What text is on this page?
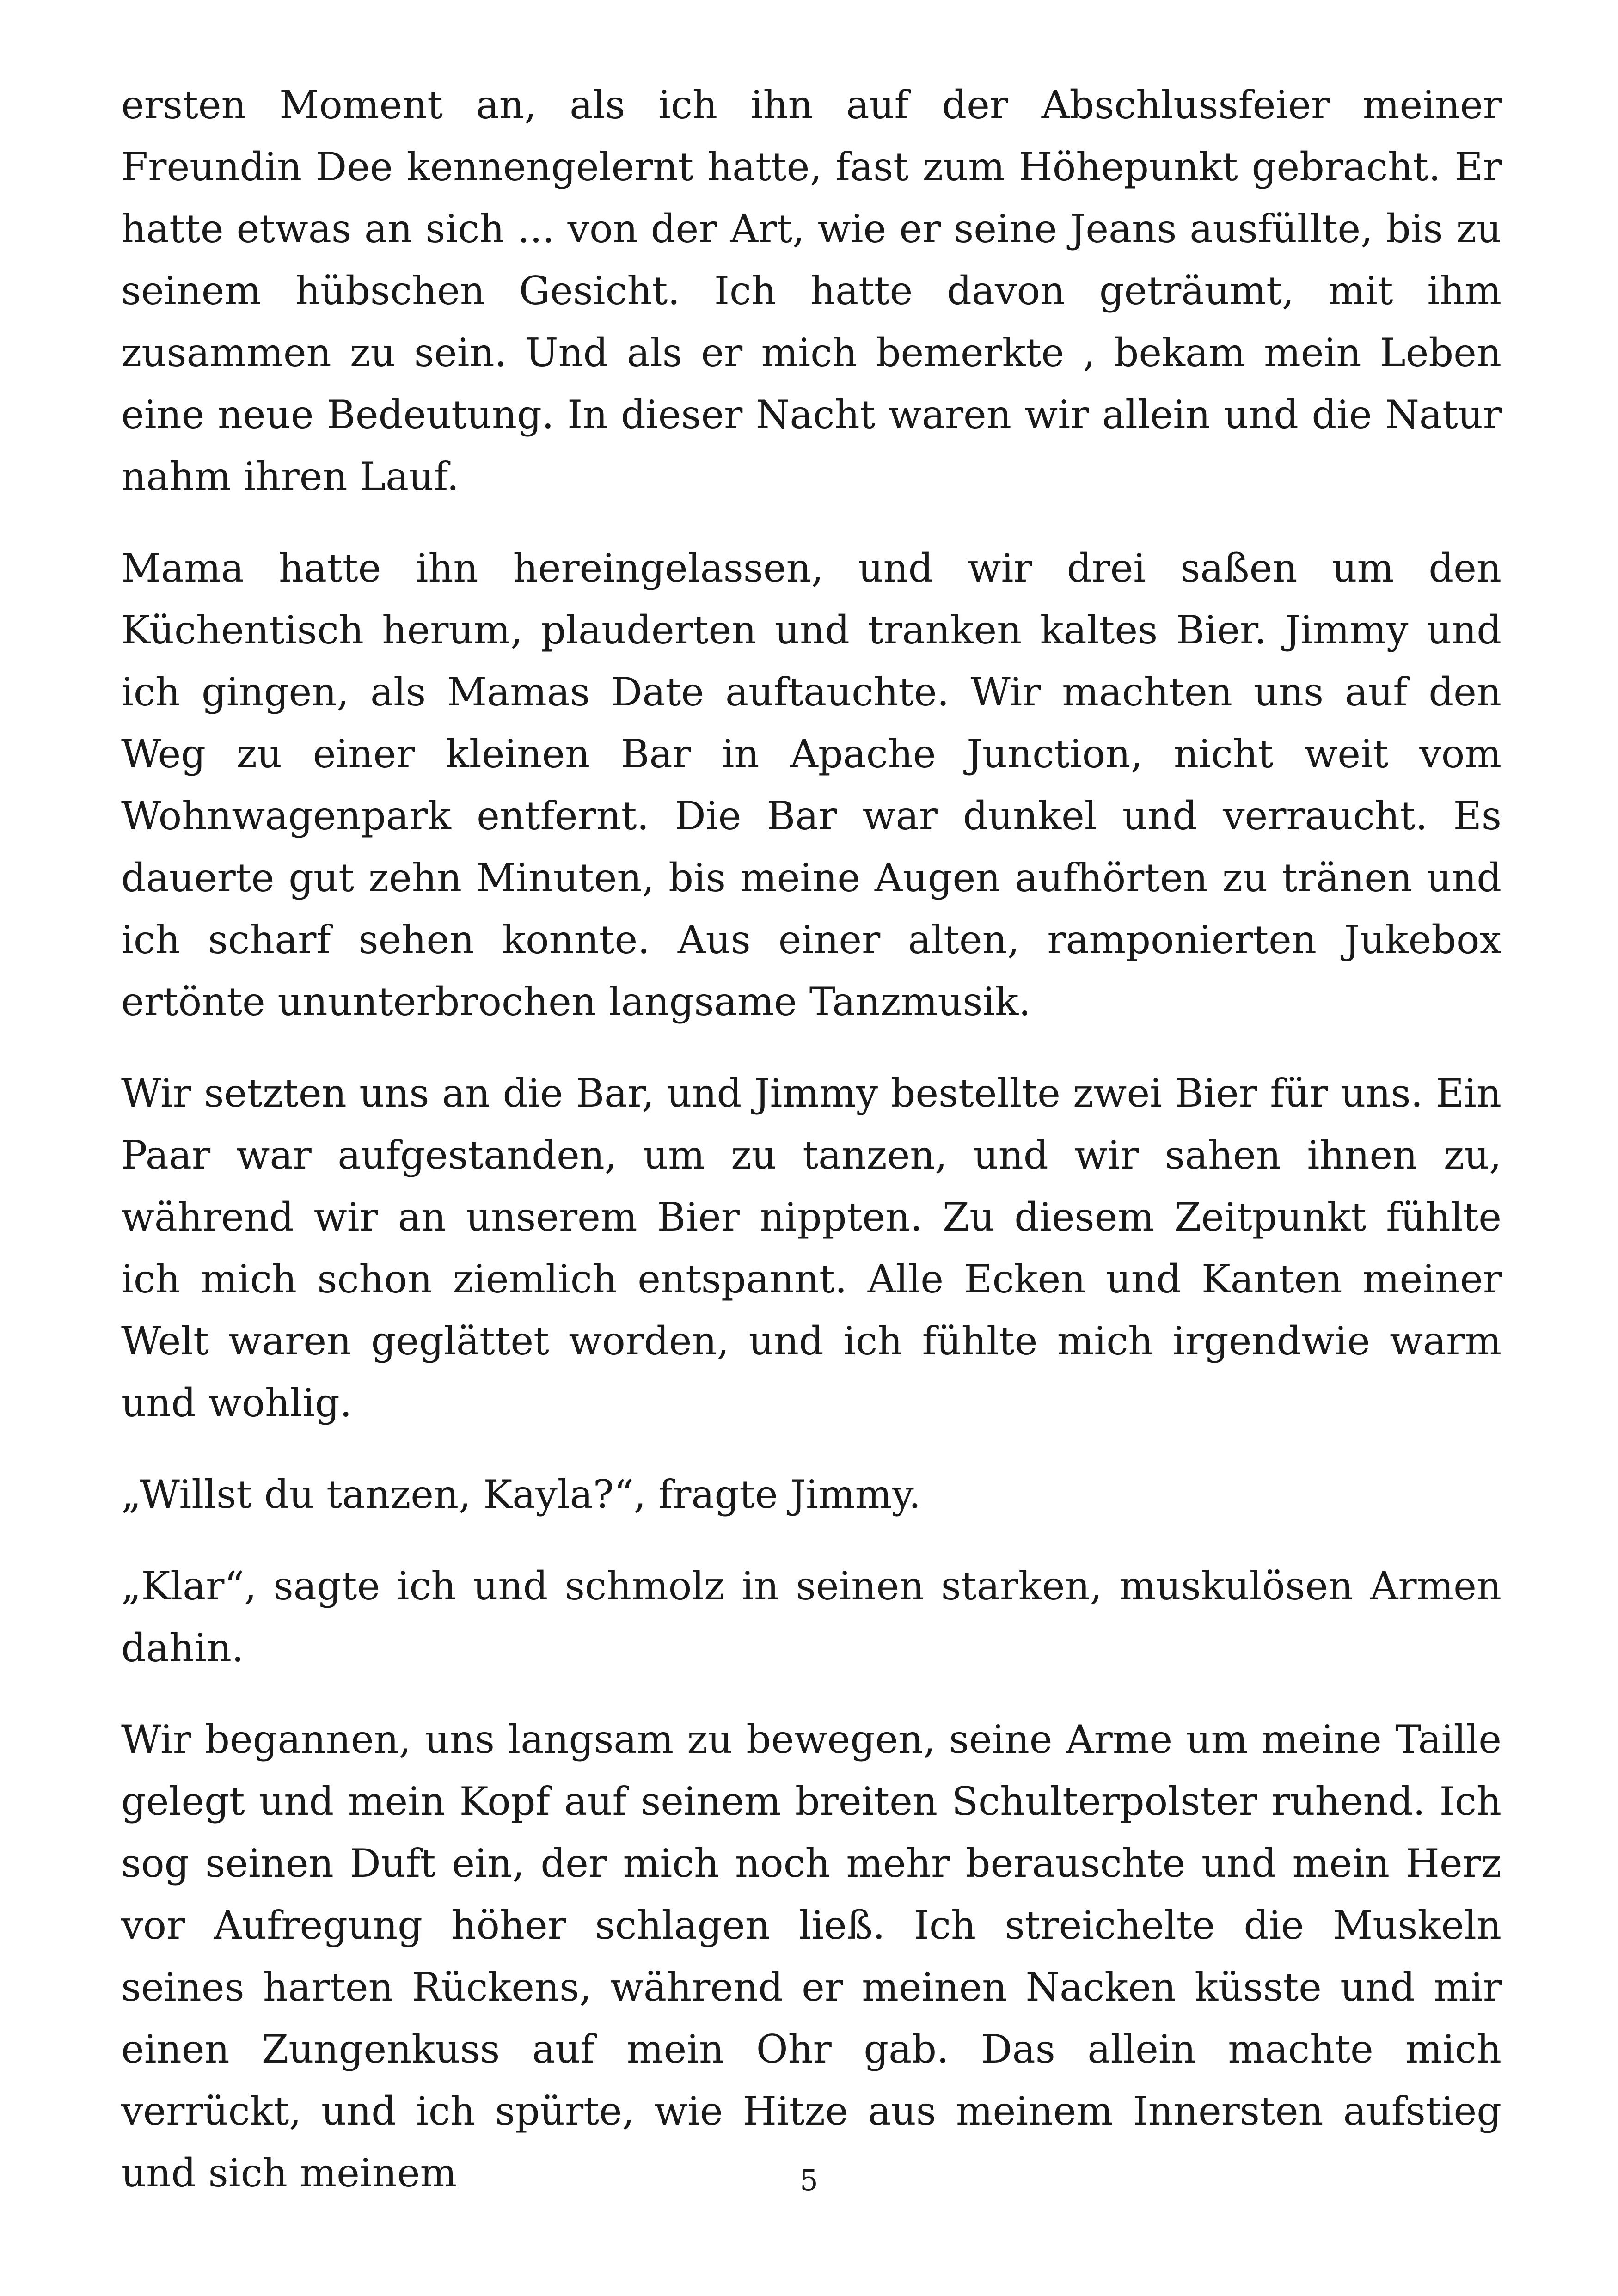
ersten Moment an, als ich ihn auf der Abschlussfeier meiner Freundin Dee kennengelernt hatte, fast zum Höhepunkt gebracht. Er hatte etwas an sich ... von der Art, wie er seine Jeans ausfüllte, bis zu seinem hübschen Gesicht. Ich hatte davon geträumt, mit ihm zusammen zu sein. Und als er mich bemerkte , bekam mein Leben eine neue Bedeutung. In dieser Nacht waren wir allein und die Natur nahm ihren Lauf.

Mama hatte ihn hereingelassen, und wir drei saßen um den Küchentisch herum, plauderten und tranken kaltes Bier. Jimmy und ich gingen, als Mamas Date auftauchte. Wir machten uns auf den Weg zu einer kleinen Bar in Apache Junction, nicht weit vom Wohnwagenpark entfernt. Die Bar war dunkel und verraucht. Es dauerte gut zehn Minuten, bis meine Augen aufhörten zu tränen und ich scharf sehen konnte. Aus einer alten, ramponierten Jukebox ertönte ununterbrochen langsame Tanzmusik.

Wir setzten uns an die Bar, und Jimmy bestellte zwei Bier für uns. Ein Paar war aufgestanden, um zu tanzen, und wir sahen ihnen zu, während wir an unserem Bier nippten. Zu diesem Zeitpunkt fühlte ich mich schon ziemlich entspannt. Alle Ecken und Kanten meiner Welt waren geglättet worden, und ich fühlte mich irgendwie warm und wohlig.

„Willst du tanzen, Kayla?“, fragte Jimmy.

„Klar“, sagte ich und schmolz in seinen starken, muskulösen Armen dahin.

Wir begannen, uns langsam zu bewegen, seine Arme um meine Taille gelegt und mein Kopf auf seinem breiten Schulterpolster ruhend. Ich sog seinen Duft ein, der mich noch mehr berauschte und mein Herz vor Aufregung höher schlagen ließ. Ich streichelte die Muskeln seines harten Rückens, während er meinen Nacken küsste und mir einen Zungenkuss auf mein Ohr gab. Das allein machte mich verrückt, und ich spürte, wie Hitze aus meinem Innersten aufstieg und sich meinem	5
